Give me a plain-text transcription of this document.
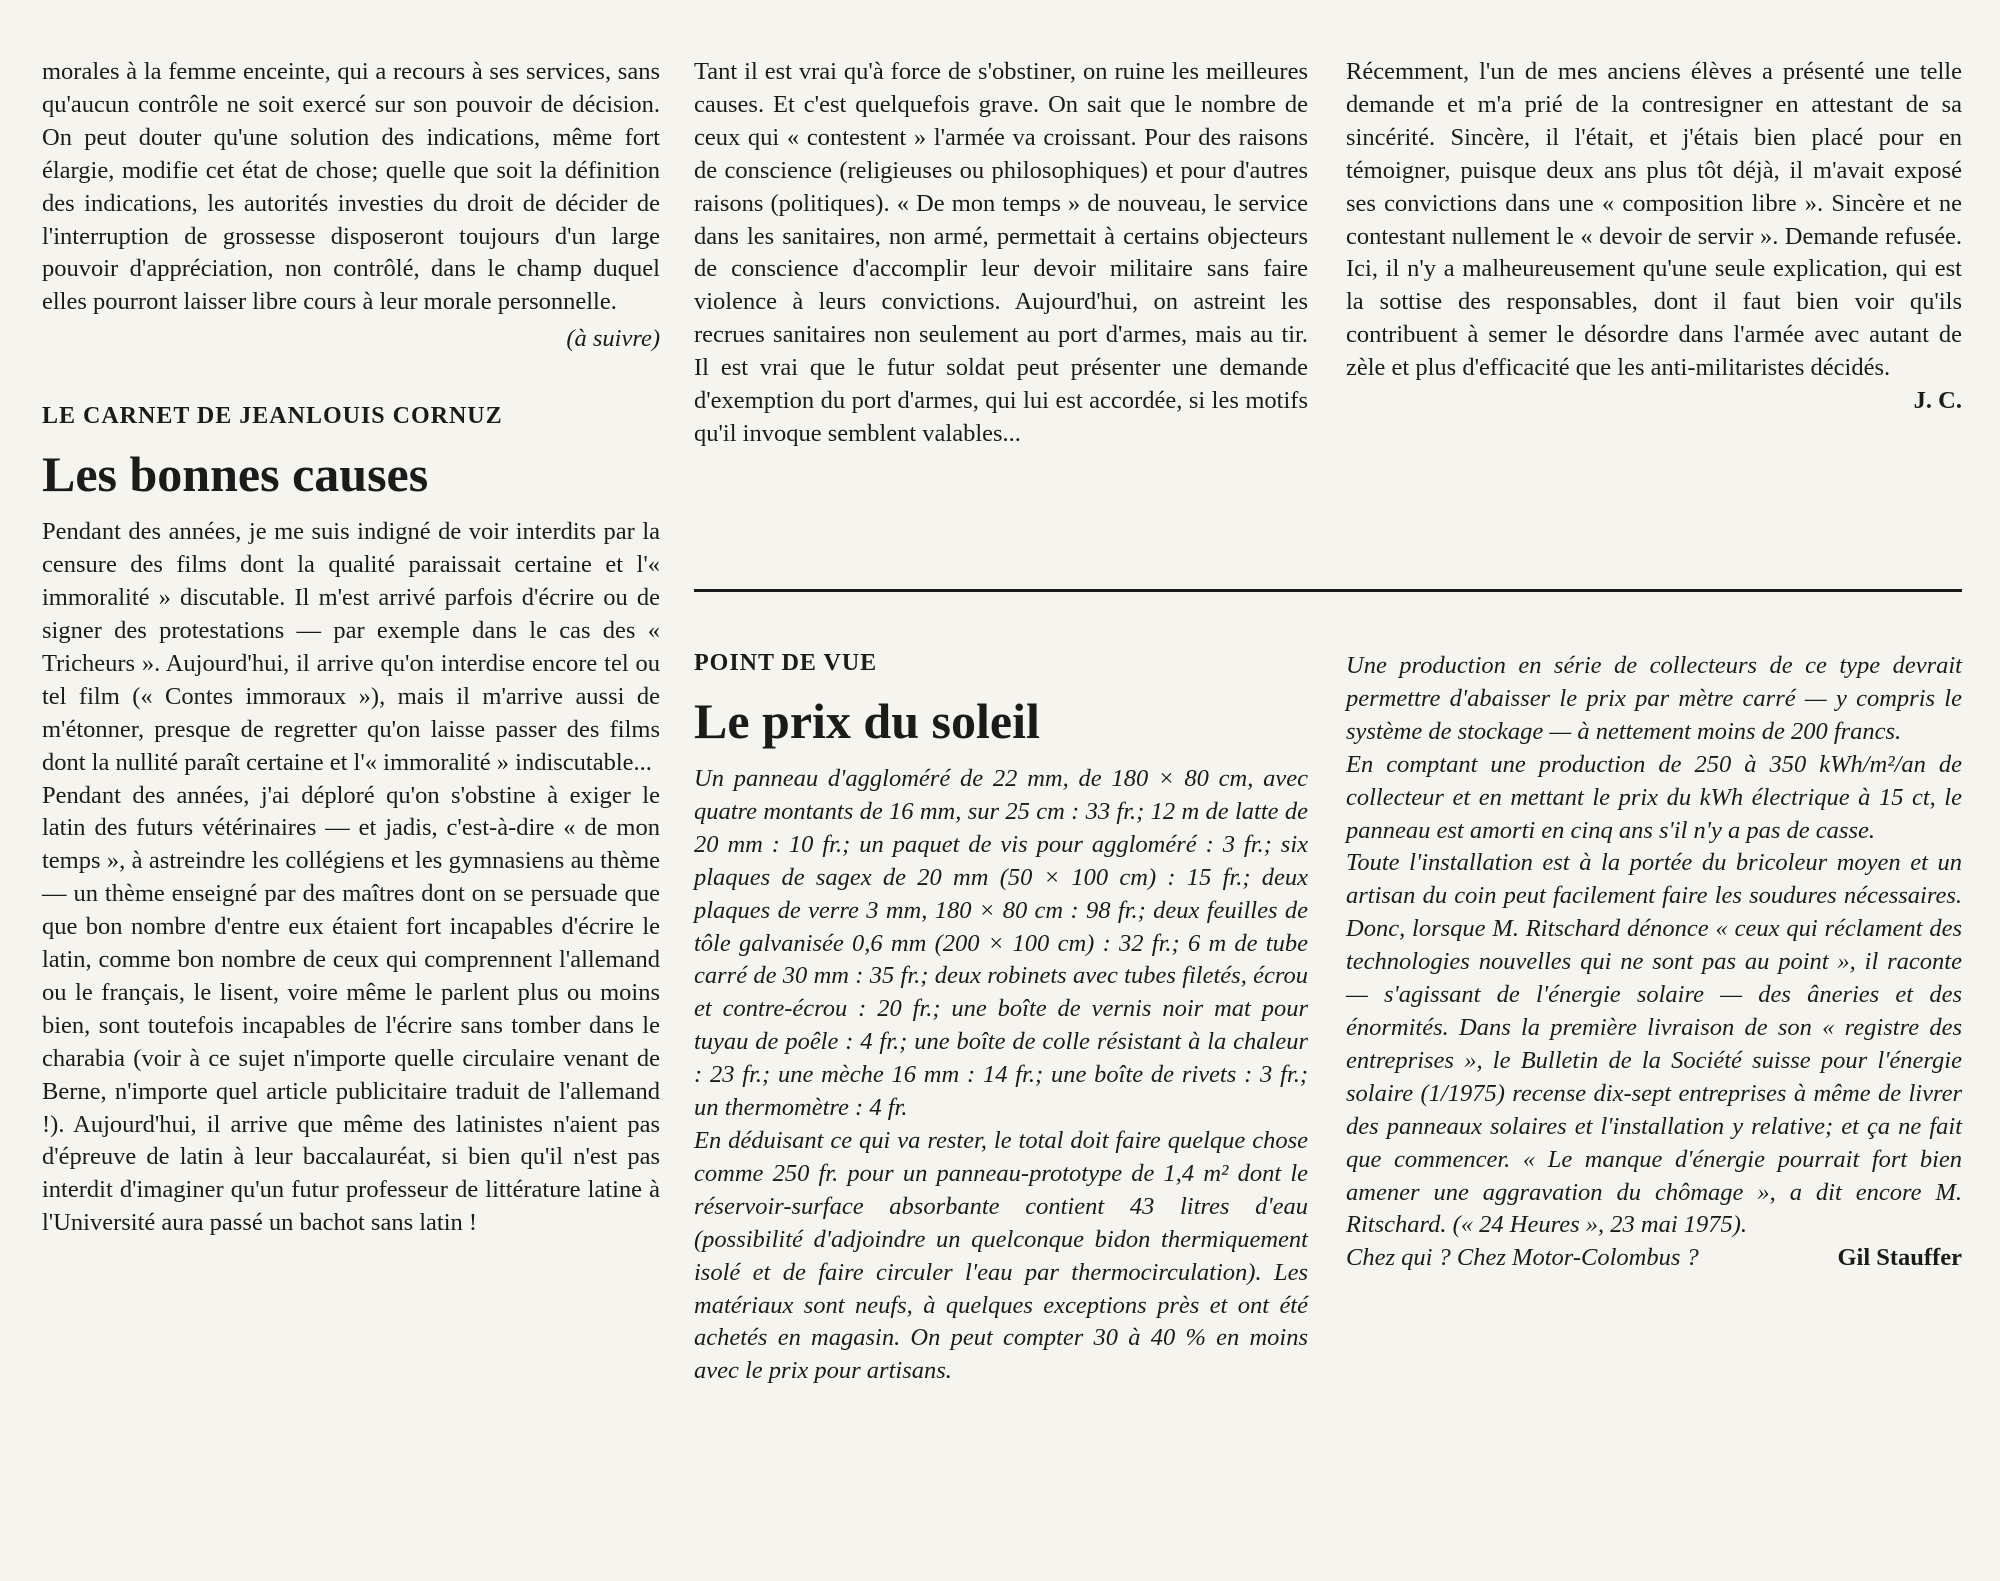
morales à la femme enceinte, qui a recours à ses services, sans qu'aucun contrôle ne soit exercé sur son pouvoir de décision. On peut douter qu'une solution des indications, même fort élargie, modifie cet état de chose; quelle que soit la définition des indications, les autorités investies du droit de décider de l'interruption de grossesse disposeront toujours d'un large pouvoir d'appréciation, non contrôlé, dans le champ duquel elles pourront laisser libre cours à leur morale personnelle.

(à suivre)

LE CARNET DE JEANLOUIS CORNUZ

Les bonnes causes

Pendant des années, je me suis indigné de voir interdits par la censure des films dont la qualité paraissait certaine et l'« immoralité » discutable. Il m'est arrivé parfois d'écrire ou de signer des protestations — par exemple dans le cas des « Tricheurs ». Aujourd'hui, il arrive qu'on interdise encore tel ou tel film (« Contes immoraux »), mais il m'arrive aussi de m'étonner, presque de regretter qu'on laisse passer des films dont la nullité paraît certaine et l'« immoralité » indiscutable...

Pendant des années, j'ai déploré qu'on s'obstine à exiger le latin des futurs vétérinaires — et jadis, c'est-à-dire « de mon temps », à astreindre les collégiens et les gymnasiens au thème — un thème enseigné par des maîtres dont on se persuade que que bon nombre d'entre eux étaient fort incapables d'écrire le latin, comme bon nombre de ceux qui comprennent l'allemand ou le français, le lisent, voire même le parlent plus ou moins bien, sont toutefois incapables de l'écrire sans tomber dans le charabia (voir à ce sujet n'importe quelle circulaire venant de Berne, n'importe quel article publicitaire traduit de l'allemand !). Aujourd'hui, il arrive que même des latinistes n'aient pas d'épreuve de latin à leur baccalauréat, si bien qu'il n'est pas interdit d'imaginer qu'un futur professeur de littérature latine à l'Université aura passé un bachot sans latin !

Tant il est vrai qu'à force de s'obstiner, on ruine les meilleures causes. Et c'est quelquefois grave. On sait que le nombre de ceux qui « contestent » l'armée va croissant. Pour des raisons de conscience (religieuses ou philosophiques) et pour d'autres raisons (politiques). « De mon temps » de nouveau, le service dans les sanitaires, non armé, permettait à certains objecteurs de conscience d'accomplir leur devoir militaire sans faire violence à leurs convictions. Aujourd'hui, on astreint les recrues sanitaires non seulement au port d'armes, mais au tir. Il est vrai que le futur soldat peut présenter une demande d'exemption du port d'armes, qui lui est accordée, si les motifs qu'il invoque semblent valables...

Récemment, l'un de mes anciens élèves a présenté une telle demande et m'a prié de la contresigner en attestant de sa sincérité. Sincère, il l'était, et j'étais bien placé pour en témoigner, puisque deux ans plus tôt déjà, il m'avait exposé ses convictions dans une « composition libre ». Sincère et ne contestant nullement le « devoir de servir ». Demande refusée. Ici, il n'y a malheureusement qu'une seule explication, qui est la sottise des responsables, dont il faut bien voir qu'ils contribuent à semer le désordre dans l'armée avec autant de zèle et plus d'efficacité que les anti-militaristes décidés.

J. C.

POINT DE VUE

Le prix du soleil

Un panneau d'aggloméré de 22 mm, de 180 × 80 cm, avec quatre montants de 16 mm, sur 25 cm : 33 fr.; 12 m de latte de 20 mm : 10 fr.; un paquet de vis pour aggloméré : 3 fr.; six plaques de sagex de 20 mm (50 × 100 cm) : 15 fr.; deux plaques de verre 3 mm, 180 × 80 cm : 98 fr.; deux feuilles de tôle galvanisée 0,6 mm (200 × 100 cm) : 32 fr.; 6 m de tube carré de 30 mm : 35 fr.; deux robinets avec tubes filetés, écrou et contre-écrou : 20 fr.; une boîte de vernis noir mat pour tuyau de poêle : 4 fr.; une boîte de colle résistant à la chaleur : 23 fr.; une mèche 16 mm : 14 fr.; une boîte de rivets : 3 fr.; un thermomètre : 4 fr.

En déduisant ce qui va rester, le total doit faire quelque chose comme 250 fr. pour un panneau-prototype de 1,4 m² dont le réservoir-surface absorbante contient 43 litres d'eau (possibilité d'adjoindre un quelconque bidon thermiquement isolé et de faire circuler l'eau par thermocirculation). Les matériaux sont neufs, à quelques exceptions près et ont été achetés en magasin. On peut compter 30 à 40 % en moins avec le prix pour artisans.

Une production en série de collecteurs de ce type devrait permettre d'abaisser le prix par mètre carré — y compris le système de stockage — à nettement moins de 200 francs.

En comptant une production de 250 à 350 kWh/m²/an de collecteur et en mettant le prix du kWh électrique à 15 ct, le panneau est amorti en cinq ans s'il n'y a pas de casse.

Toute l'installation est à la portée du bricoleur moyen et un artisan du coin peut facilement faire les soudures nécessaires. Donc, lorsque M. Ritschard dénonce « ceux qui réclament des technologies nouvelles qui ne sont pas au point », il raconte — s'agissant de l'énergie solaire — des âneries et des énormités. Dans la première livraison de son « registre des entreprises », le Bulletin de la Société suisse pour l'énergie solaire (1/1975) recense dix-sept entreprises à même de livrer des panneaux solaires et l'installation y relative; et ça ne fait que commencer. « Le manque d'énergie pourrait fort bien amener une aggravation du chômage », a dit encore M. Ritschard. (« 24 Heures », 23 mai 1975).

Chez qui ? Chez Motor-Colombus ?	Gil Stauffer
